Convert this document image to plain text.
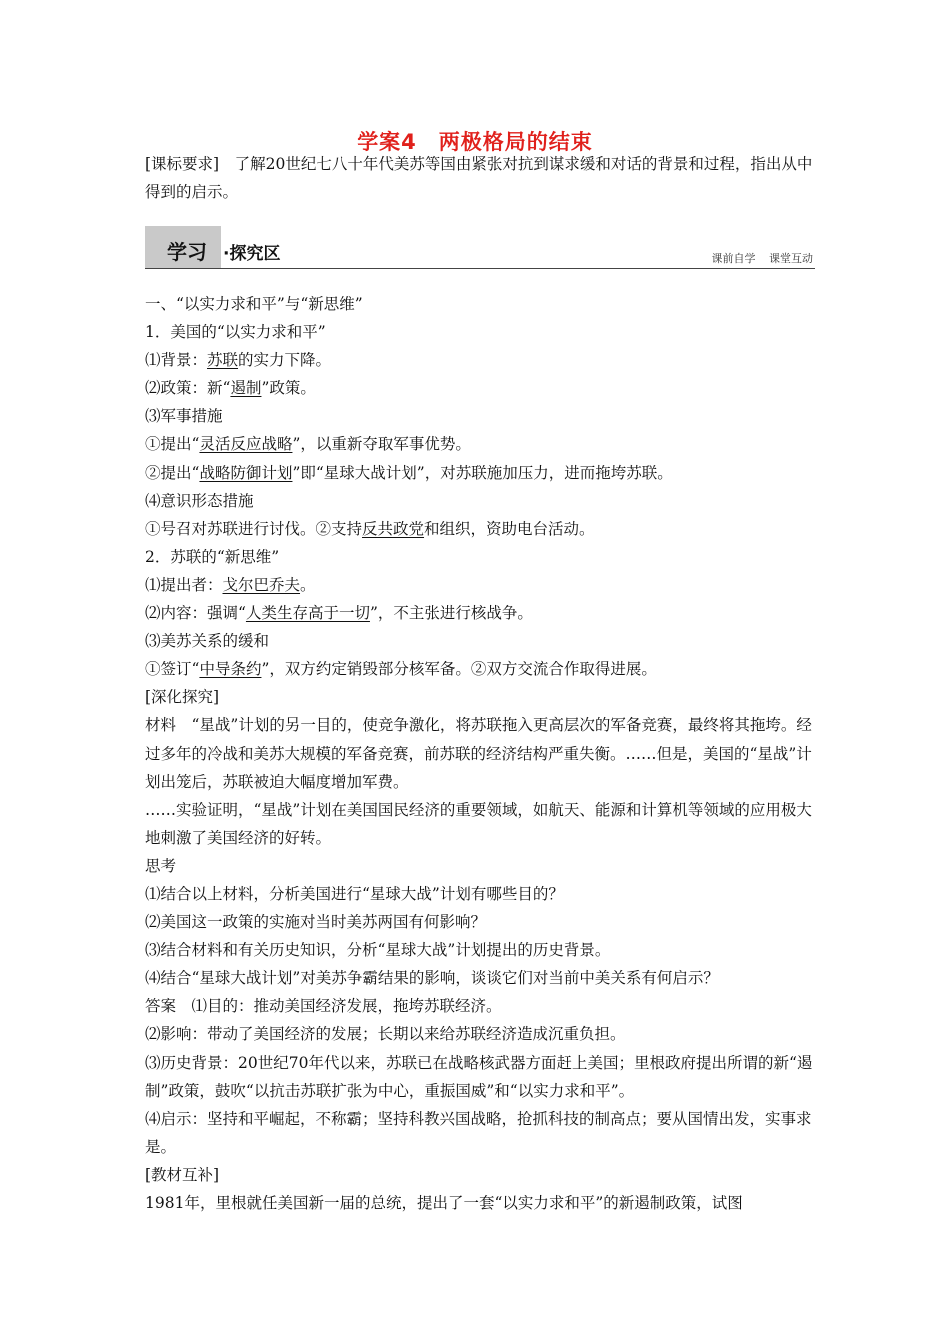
学案4　两极格局的结束
[课标要求]　了解20世纪七八十年代美苏等国由紧张对抗到谋求缓和对话的背景和过程，指出从中得到的启示。
学习 ·探究区	课前自学 课堂互动

一、“以实力求和平”与“新思维”

1．美国的“以实力求和平”

⑴背景：苏联的实力下降。

⑵政策：新“遏制”政策。

⑶军事措施

①提出“灵活反应战略”，以重新夺取军事优势。

②提出“战略防御计划”即“星球大战计划”，对苏联施加压力，进而拖垮苏联。

⑷意识形态措施

①号召对苏联进行讨伐。②支持反共政党和组织，资助电台活动。

2．苏联的“新思维”

⑴提出者：戈尔巴乔夫。

⑵内容：强调“人类生存高于一切”，不主张进行核战争。

⑶美苏关系的缓和

①签订“中导条约”，双方约定销毁部分核军备。②双方交流合作取得进展。

[深化探究]

材料　“星战”计划的另一目的，使竞争激化，将苏联拖入更高层次的军备竞赛，最终将其拖垮。经过多年的冷战和美苏大规模的军备竞赛，前苏联的经济结构严重失衡。……但是，美国的“星战”计划出笼后，苏联被迫大幅度增加军费。

……实验证明，“星战”计划在美国国民经济的重要领域，如航天、能源和计算机等领域的应用极大地刺激了美国经济的好转。

思考

⑴结合以上材料，分析美国进行“星球大战”计划有哪些目的？

⑵美国这一政策的实施对当时美苏两国有何影响？

⑶结合材料和有关历史知识，分析“星球大战”计划提出的历史背景。

⑷结合“星球大战计划”对美苏争霸结果的影响，谈谈它们对当前中美关系有何启示？

答案　⑴目的：推动美国经济发展，拖垮苏联经济。

⑵影响：带动了美国经济的发展；长期以来给苏联经济造成沉重负担。

⑶历史背景：20世纪70年代以来，苏联已在战略核武器方面赶上美国；里根政府提出所谓的新“遏制”政策，鼓吹“以抗击苏联扩张为中心，重振国威”和“以实力求和平”。

⑷启示：坚持和平崛起，不称霸；坚持科教兴国战略，抢抓科技的制高点；要从国情出发，实事求是。

[教材互补]

1981年，里根就任美国新一届的总统，提出了一套“以实力求和平”的新遏制政策，试图
